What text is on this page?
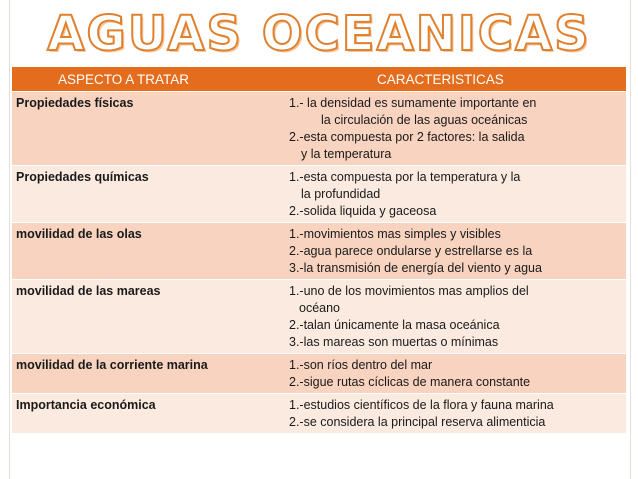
AGUAS OCEANICAS
ASPECTO A TRATAR	CARACTERISTICAS
Propiedades físicas	1.- la densidad es sumamente importante en
la circulación de las aguas oceánicas
2.-esta compuesta por 2 factores: la salida
y la temperatura

Propiedades químicas	1.-esta compuesta por la temperatura y la
la profundidad
2.-solida liquida y gaceosa

movilidad de las olas	1.-movimientos mas simples y visibles
2.-agua parece ondularse y estrellarse es la
3.-la transmisión de energía del viento y agua

movilidad de las mareas	1.-uno de los movimientos mas amplios del
océano
2.-talan únicamente la masa oceánica
3.-las mareas son muertas o mínimas

movilidad de la corriente marina	1.-son ríos dentro del mar
2.-sigue rutas cíclicas de manera constante

Importancia económica	1.-estudios científicos de la flora y fauna marina
2.-se considera la principal reserva alimenticia
